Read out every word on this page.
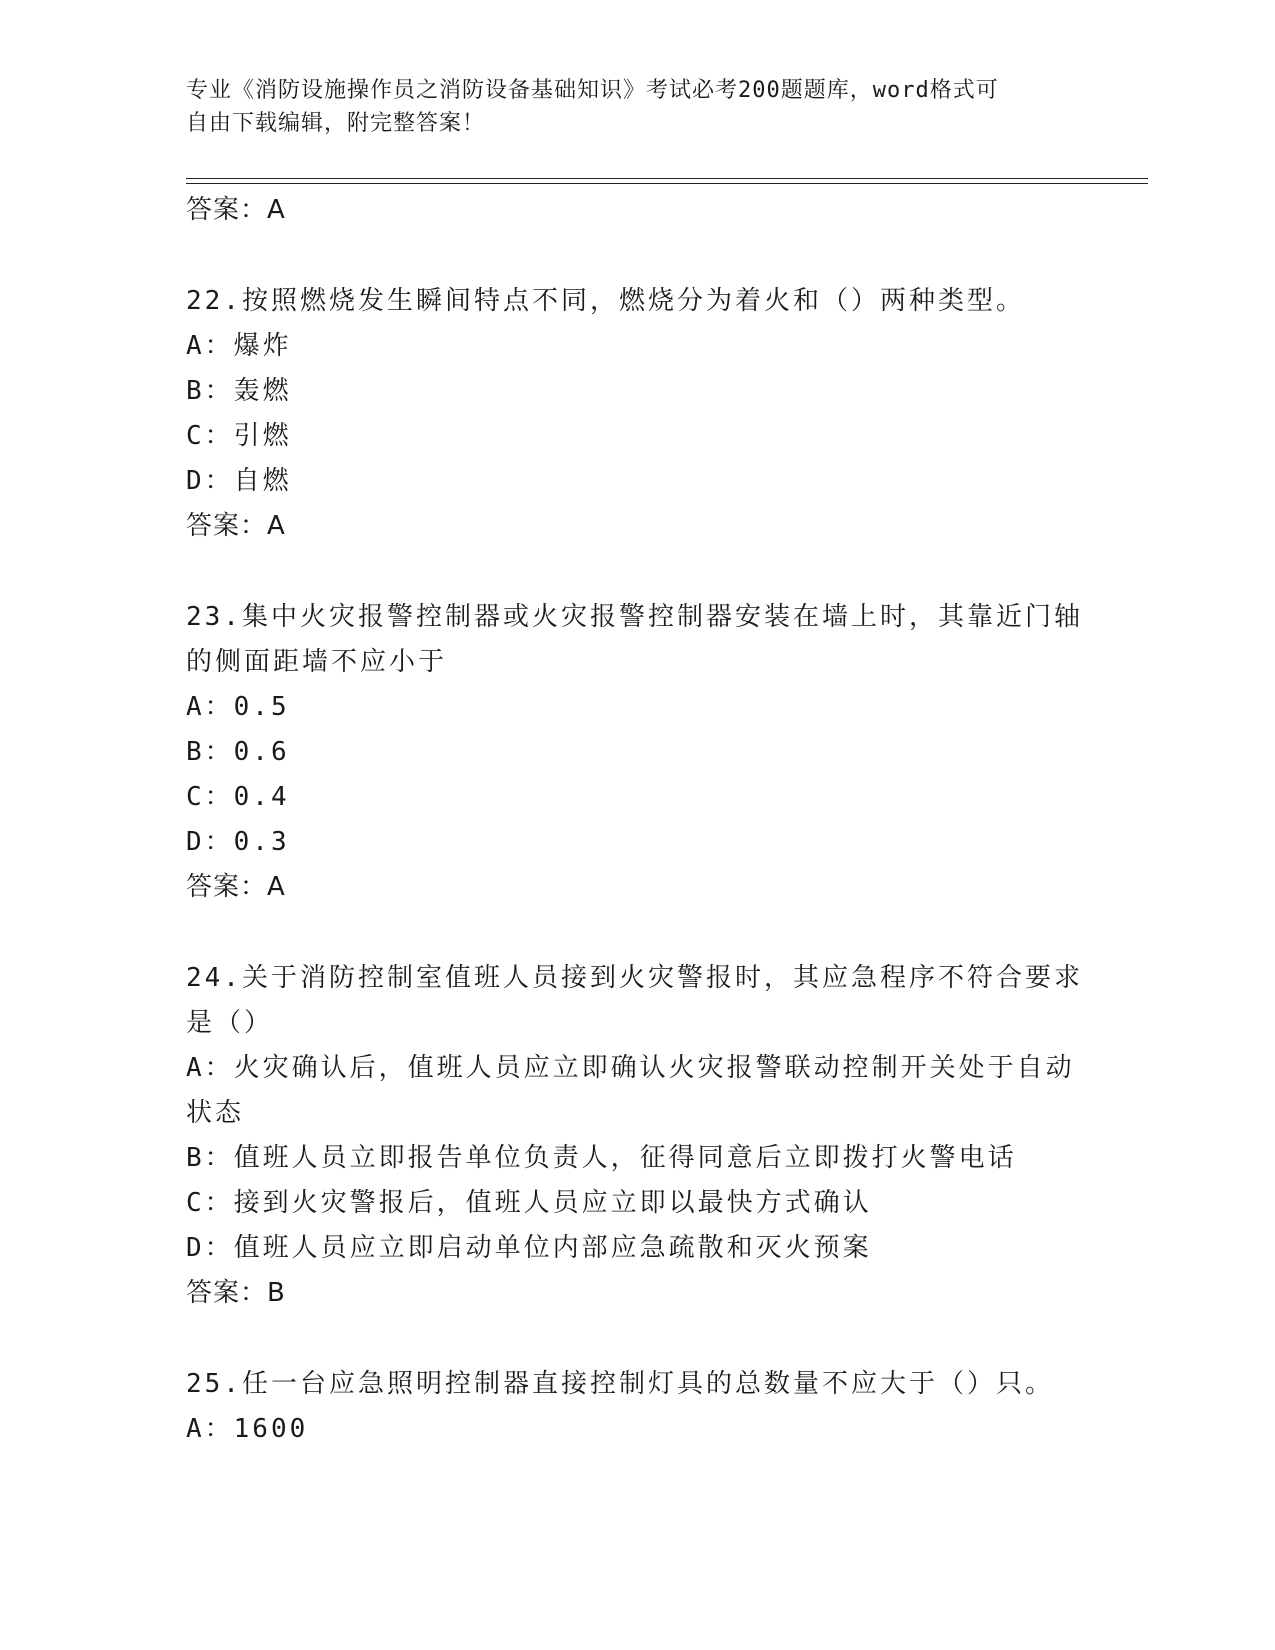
专业《消防设施操作员之消防设备基础知识》考试必考200题题库，word格式可
自由下载编辑，附完整答案！
答案：A
22.按照燃烧发生瞬间特点不同，燃烧分为着火和（）两种类型。
A：爆炸
B：轰燃
C：引燃
D：自燃
答案：A
23.集中火灾报警控制器或火灾报警控制器安装在墙上时，其靠近门轴
的侧面距墙不应小于
A：0.5
B：0.6
C：0.4
D：0.3
答案：A
24.关于消防控制室值班人员接到火灾警报时，其应急程序不符合要求
是（）
A：火灾确认后，值班人员应立即确认火灾报警联动控制开关处于自动
状态
B：值班人员立即报告单位负责人，征得同意后立即拨打火警电话
C：接到火灾警报后，值班人员应立即以最快方式确认
D：值班人员应立即启动单位内部应急疏散和灭火预案
答案：B
25.任一台应急照明控制器直接控制灯具的总数量不应大于（）只。
A：1600
